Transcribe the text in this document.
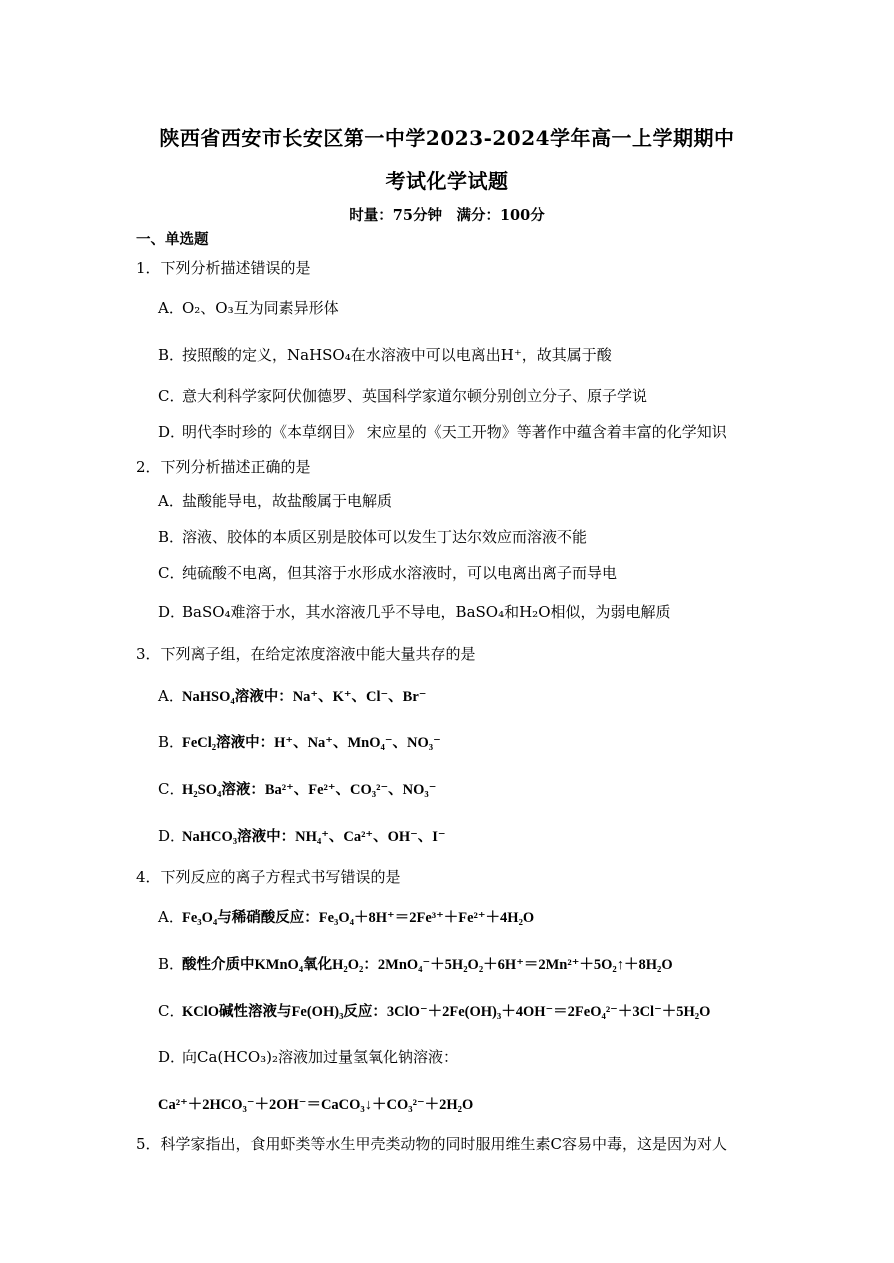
陕西省西安市长安区第一中学2023-2024学年高一上学期期中
考试化学试题
时量：75分钟　满分：100分
一、单选题
1．下列分析描述错误的是
A．O₂、O₃互为同素异形体
B．按照酸的定义，NaHSO₄在水溶液中可以电离出H⁺，故其属于酸
C．意大利科学家阿伏伽德罗、英国科学家道尔顿分别创立分子、原子学说
D．明代李时珍的《本草纲目》 宋应星的《天工开物》等著作中蕴含着丰富的化学知识
2．下列分析描述正确的是
A．盐酸能导电，故盐酸属于电解质
B．溶液、胶体的本质区别是胶体可以发生丁达尔效应而溶液不能
C．纯硫酸不电离，但其溶于水形成水溶液时，可以电离出离子而导电
D．BaSO₄难溶于水，其水溶液几乎不导电，BaSO₄和H₂O相似，为弱电解质
3．下列离子组，在给定浓度溶液中能大量共存的是
A．NaHSO₄溶液中：Na⁺、K⁺、Cl⁻、Br⁻
B．FeCl₂溶液中：H⁺、Na⁺、MnO₄⁻、NO₃⁻
C．H₂SO₄溶液：Ba²⁺、Fe²⁺、CO₃²⁻、NO₃⁻
D．NaHCO₃溶液中：NH₄⁺、Ca²⁺、OH⁻、I⁻
4．下列反应的离子方程式书写错误的是
A．Fe₃O₄与稀硝酸反应：Fe₃O₄＋8H⁺＝2Fe³⁺＋Fe²⁺＋4H₂O
B．酸性介质中KMnO₄氧化H₂O₂：2MnO₄⁻＋5H₂O₂＋6H⁺＝2Mn²⁺＋5O₂↑＋8H₂O
C．KClO碱性溶液与Fe(OH)₃反应：3ClO⁻＋2Fe(OH)₃＋4OH⁻＝2FeO₄²⁻＋3Cl⁻＋5H₂O
D．向Ca(HCO₃)₂溶液加过量氢氧化钠溶液：
Ca²⁺＋2HCO₃⁻＋2OH⁻＝CaCO₃↓＋CO₃²⁻＋2H₂O
5．科学家指出，食用虾类等水生甲壳类动物的同时服用维生素C容易中毒，这是因为对人
